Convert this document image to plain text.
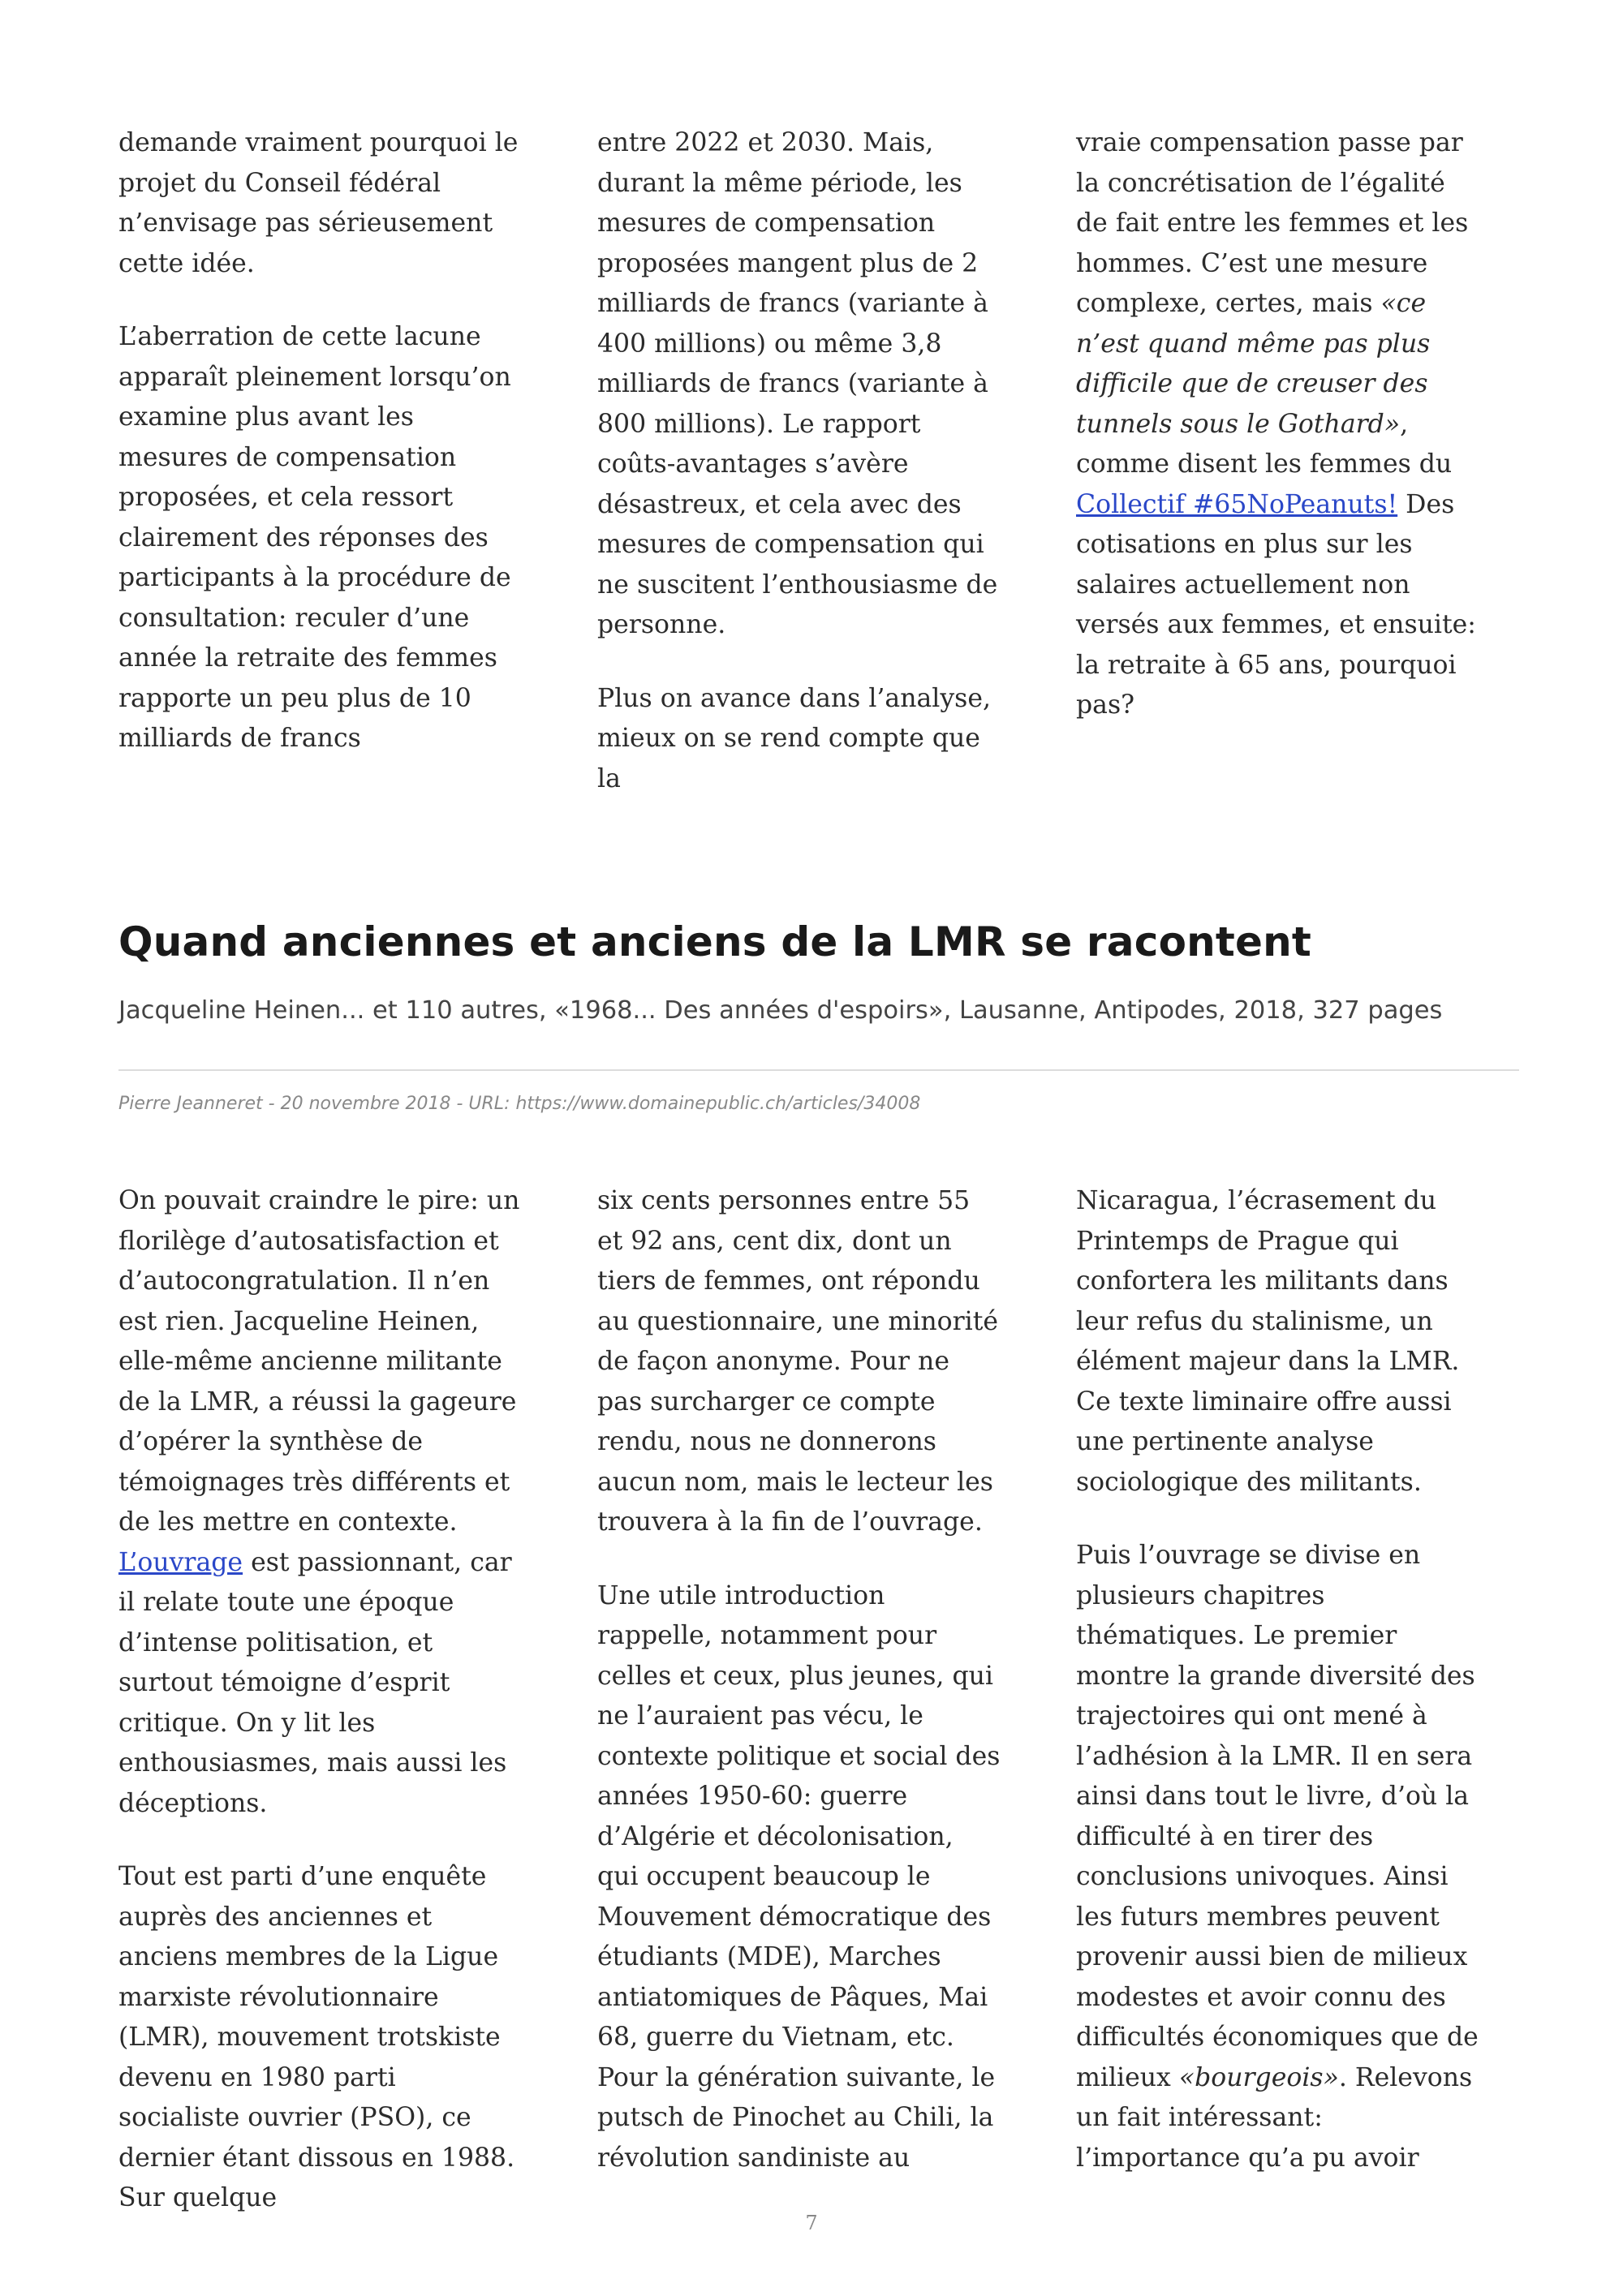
demande vraiment pourquoi le projet du Conseil fédéral n’envisage pas sérieusement cette idée.

L’aberration de cette lacune apparaît pleinement lorsqu’on examine plus avant les mesures de compensation proposées, et cela ressort clairement des réponses des participants à la procédure de consultation: reculer d’une année la retraite des femmes rapporte un peu plus de 10 milliards de francs

entre 2022 et 2030. Mais, durant la même période, les mesures de compensation proposées mangent plus de 2 milliards de francs (variante à 400 millions) ou même 3,8 milliards de francs (variante à 800 millions). Le rapport coûts-avantages s’avère désastreux, et cela avec des mesures de compensation qui ne suscitent l’enthousiasme de personne.

Plus on avance dans l’analyse, mieux on se rend compte que la

vraie compensation passe par la concrétisation de l’égalité de fait entre les femmes et les hommes. C’est une mesure complexe, certes, mais «ce n’est quand même pas plus difficile que de creuser des tunnels sous le Gothard», comme disent les femmes du Collectif #65NoPeanuts! Des cotisations en plus sur les salaires actuellement non versés aux femmes, et ensuite: la retraite à 65 ans, pourquoi pas?

Quand anciennes et anciens de la LMR se racontent
Jacqueline Heinen... et 110 autres, «1968... Des années d'espoirs», Lausanne, Antipodes, 2018, 327 pages
Pierre Jeanneret - 20 novembre 2018 - URL: https://www.domainepublic.ch/articles/34008

On pouvait craindre le pire: un florilège d’autosatisfaction et d’autocongratulation. Il n’en est rien. Jacqueline Heinen, elle-même ancienne militante de la LMR, a réussi la gageure d’opérer la synthèse de témoignages très différents et de les mettre en contexte. L’ouvrage est passionnant, car il relate toute une époque d’intense politisation, et surtout témoigne d’esprit critique. On y lit les enthousiasmes, mais aussi les déceptions.

Tout est parti d’une enquête auprès des anciennes et anciens membres de la Ligue marxiste révolutionnaire (LMR), mouvement trotskiste devenu en 1980 parti socialiste ouvrier (PSO), ce dernier étant dissous en 1988. Sur quelque

six cents personnes entre 55 et 92 ans, cent dix, dont un tiers de femmes, ont répondu au questionnaire, une minorité de façon anonyme. Pour ne pas surcharger ce compte rendu, nous ne donnerons aucun nom, mais le lecteur les trouvera à la fin de l’ouvrage.

Une utile introduction rappelle, notamment pour celles et ceux, plus jeunes, qui ne l’auraient pas vécu, le contexte politique et social des années 1950-60: guerre d’Algérie et décolonisation, qui occupent beaucoup le Mouvement démocratique des étudiants (MDE), Marches antiatomiques de Pâques, Mai 68, guerre du Vietnam, etc. Pour la génération suivante, le putsch de Pinochet au Chili, la révolution sandiniste au

Nicaragua, l’écrasement du Printemps de Prague qui confortera les militants dans leur refus du stalinisme, un élément majeur dans la LMR. Ce texte liminaire offre aussi une pertinente analyse sociologique des militants.

Puis l’ouvrage se divise en plusieurs chapitres thématiques. Le premier montre la grande diversité des trajectoires qui ont mené à l’adhésion à la LMR. Il en sera ainsi dans tout le livre, d’où la difficulté à en tirer des conclusions univoques. Ainsi les futurs membres peuvent provenir aussi bien de milieux modestes et avoir connu des difficultés économiques que de milieux «bourgeois». Relevons un fait intéressant: l’importance qu’a pu avoir

7
